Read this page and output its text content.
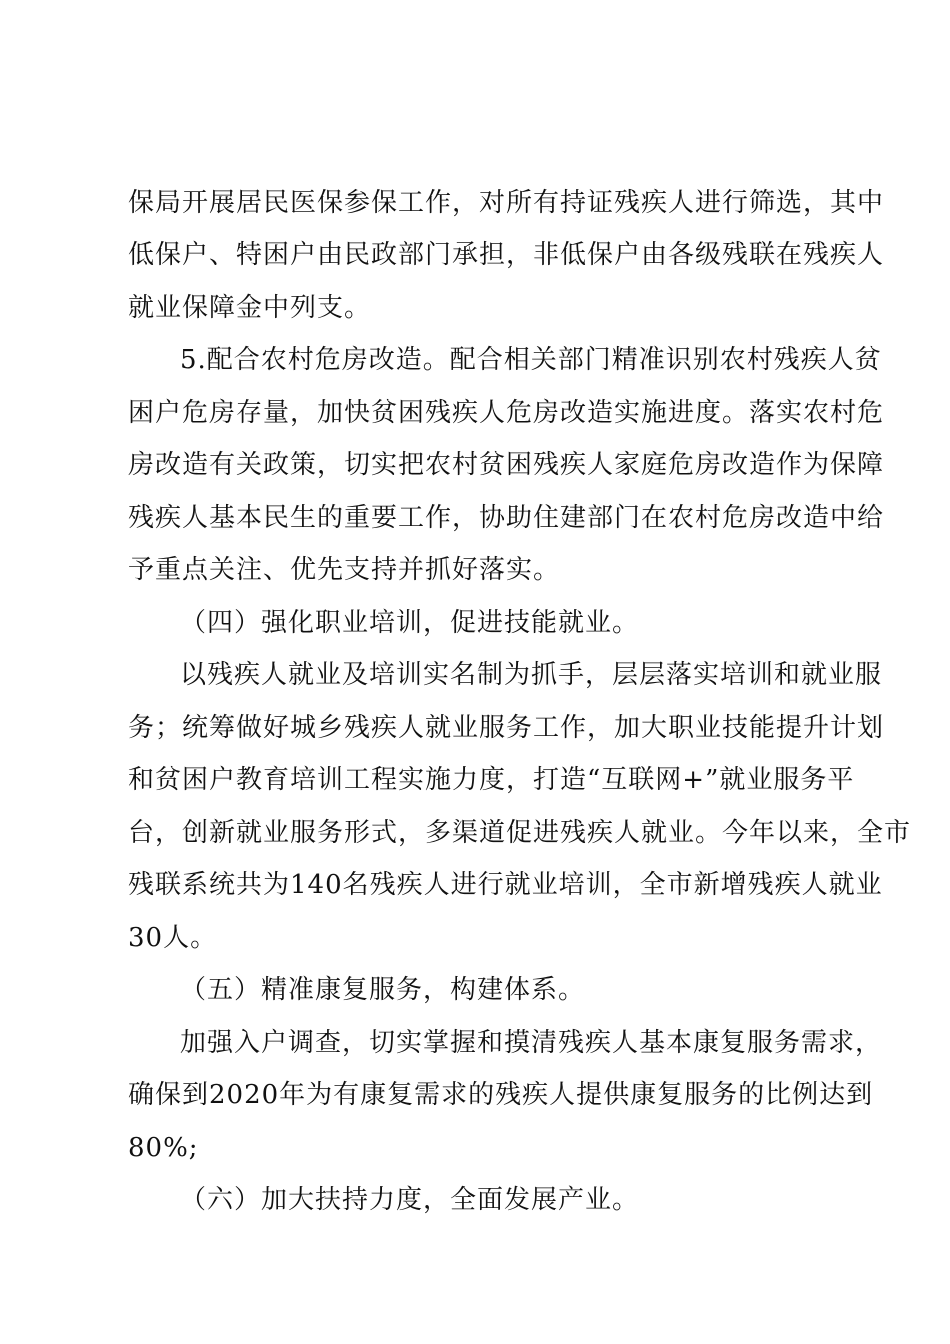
保局开展居民医保参保工作，对所有持证残疾人进行筛选，其中

低保户、特困户由民政部门承担，非低保户由各级残联在残疾人

就业保障金中列支。

5.配合农村危房改造。配合相关部门精准识别农村残疾人贫

困户危房存量，加快贫困残疾人危房改造实施进度。落实农村危

房改造有关政策，切实把农村贫困残疾人家庭危房改造作为保障

残疾人基本民生的重要工作，协助住建部门在农村危房改造中给

予重点关注、优先支持并抓好落实。

（四）强化职业培训，促进技能就业。

以残疾人就业及培训实名制为抓手，层层落实培训和就业服

务；统筹做好城乡残疾人就业服务工作，加大职业技能提升计划

和贫困户教育培训工程实施力度，打造“互联网+”就业服务平

台，创新就业服务形式，多渠道促进残疾人就业。今年以来，全市

残联系统共为140名残疾人进行就业培训，全市新增残疾人就业

30人。

（五）精准康复服务，构建体系。

加强入户调查，切实掌握和摸清残疾人基本康复服务需求，

确保到2020年为有康复需求的残疾人提供康复服务的比例达到

80%;

（六）加大扶持力度，全面发展产业。
